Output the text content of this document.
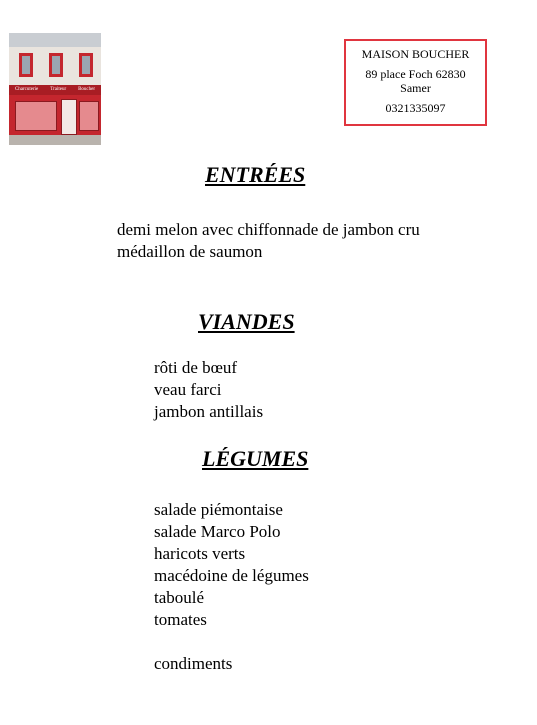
Charcuterie Traiteur Boucher
MAISON BOUCHER
89 place Foch 62830
Samer
0321335097
ENTRÉES
demi melon avec chiffonnade de jambon cru
médaillon de saumon
VIANDES
rôti de bœuf
veau farci
jambon antillais
LÉGUMES
salade piémontaise
salade Marco Polo
haricots verts
macédoine de légumes
taboulé
tomates
condiments
